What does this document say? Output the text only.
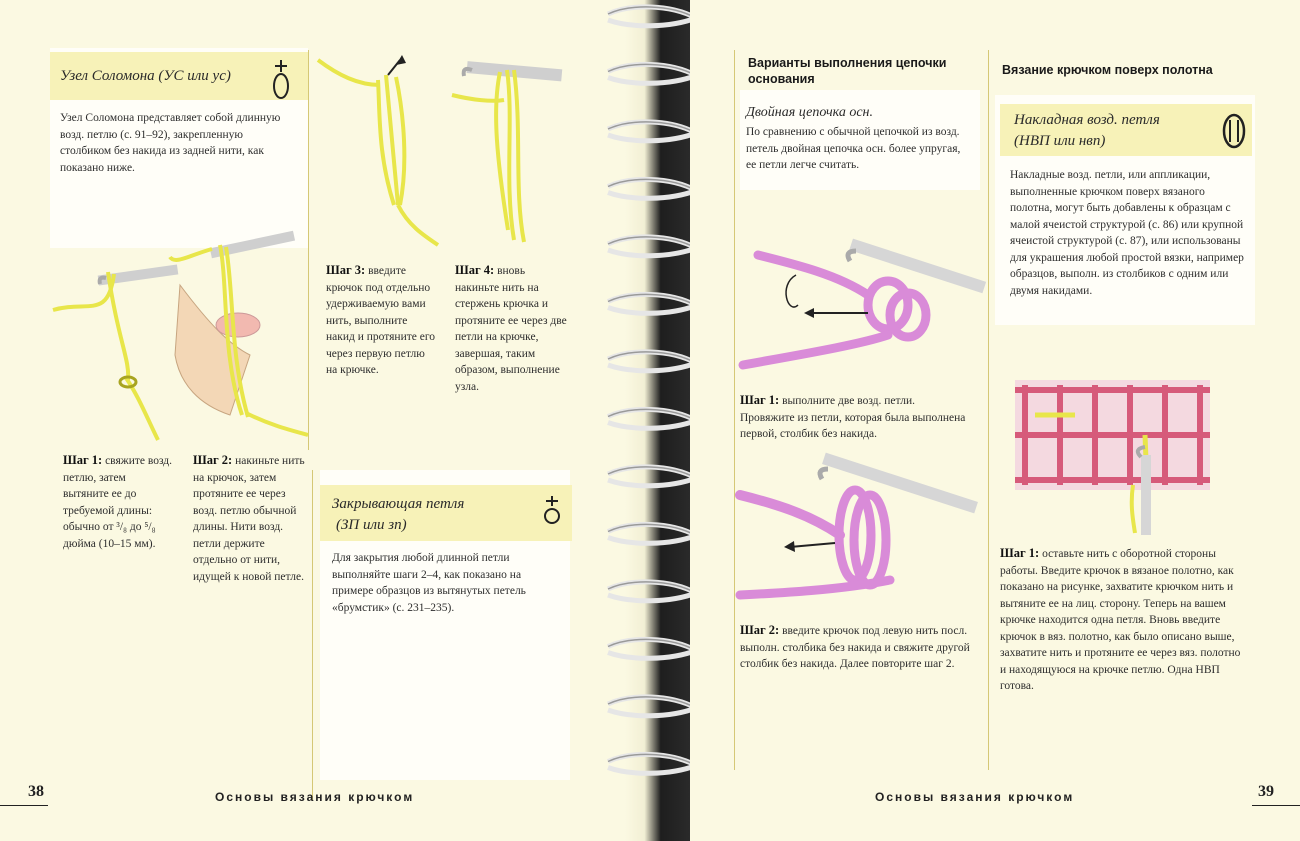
Узел Соломона (УС или ус)

Узел Соломона представляет собой длинную возд. петлю (с. 91–92), закрепленную столбиком без накида из задней нити, как показано ниже.

Шаг 1: свяжите возд. петлю, затем вытяните ее до требуемой длины: обычно от ³/₈ до ⁵/₈ дюйма (10–15 мм).

Шаг 2: накиньте нить на крючок, затем протяните ее через возд. петлю обычной длины. Нити возд. петли держите отдельно от нити, идущей к новой петле.

Шаг 3: введите крючок под отдельно удерживаемую вами нить, выполните накид и протяните его через первую петлю на крючке.

Шаг 4: вновь накиньте нить на стержень крючка и протяните ее через две петли на крючке, завершая, таким образом, выполнение узла.

Закрывающая петля
(ЗП или зп)

Для закрытия любой длинной петли выполняйте шаги 2–4, как показано на примере образцов из вытянутых петель «брумстик» (с. 231–235).

38	Основы вязания крючком
Варианты выполнения цепочки основания
Двойная цепочка осн.

По сравнению с обычной цепочкой из возд. петель двойная цепочка осн. более упругая, ее петли легче считать.

Шаг 1: выполните две возд. петли. Провяжите из петли, которая была выполнена первой, столбик без накида.

Шаг 2: введите крючок под левую нить посл. выполн. столбика без накида и свяжите другой столбик без накида. Далее повторите шаг 2.

Вязание крючком поверх полотна
Накладная возд. петля
(НВП или нвп)

Накладные возд. петли, или аппликации, выполненные крючком поверх вязаного полотна, могут быть добавлены к образцам с малой ячеистой структурой (с. 86) или крупной ячеистой структурой (с. 87), или использованы для украшения любой простой вязки, например образцов, выполн. из столбиков с одним или двумя накидами.

Шаг 1: оставьте нить с оборотной стороны работы. Введите крючок в вязаное полотно, как показано на рисунке, захватите крючком нить и вытяните ее на лиц. сторону. Теперь на вашем крючке находится одна петля. Вновь введите крючок в вяз. полотно, как было описано выше, захватите нить и протяните ее через вяз. полотно и находящуюся на крючке петлю. Одна НВП готова.

Основы вязания крючком	39
